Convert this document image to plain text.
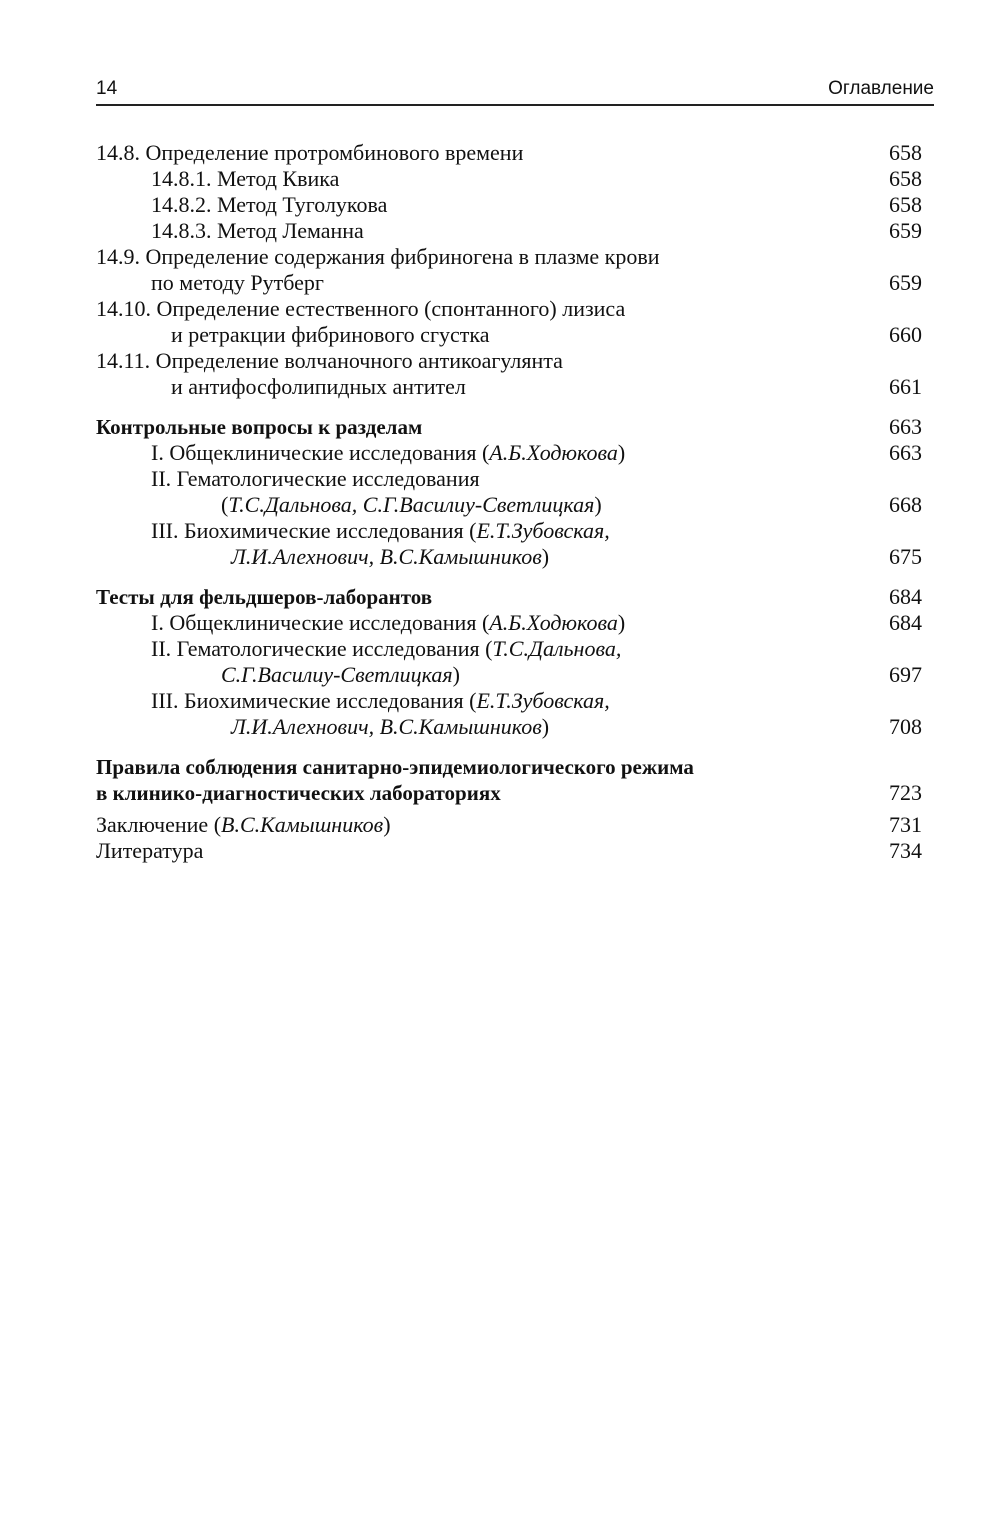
14	Оглавление
14.8. Определение протромбинового времени	658
14.8.1. Метод Квика	658
14.8.2. Метод Туголукова	658
14.8.3. Метод Леманна	659
14.9. Определение содержания фибриногена в плазме крови
по методу Рутберг	659
14.10. Определение естественного (спонтанного) лизиса
и ретракции фибринового сгустка	660
14.11. Определение волчаночного антикоагулянта
и антифосфолипидных антител	661
Контрольные вопросы к разделам	663
I. Общеклинические исследования (А.Б.Ходюкова)	663
II. Гематологические исследования
(Т.С.Дальнова, С.Г.Василиу-Светлицкая)	668
III. Биохимические исследования (Е.Т.Зубовская,
Л.И.Алехнович, В.С.Камышников)	675
Тесты для фельдшеров-лаборантов	684
I. Общеклинические исследования (А.Б.Ходюкова)	684
II. Гематологические исследования (Т.С.Дальнова,
С.Г.Василиу-Светлицкая)	697
III. Биохимические исследования (Е.Т.Зубовская,
Л.И.Алехнович, В.С.Камышников)	708
Правила соблюдения санитарно-эпидемиологического режима
в клинико-диагностических лабораториях	723
Заключение (В.С.Камышников)	731
Литература	734
